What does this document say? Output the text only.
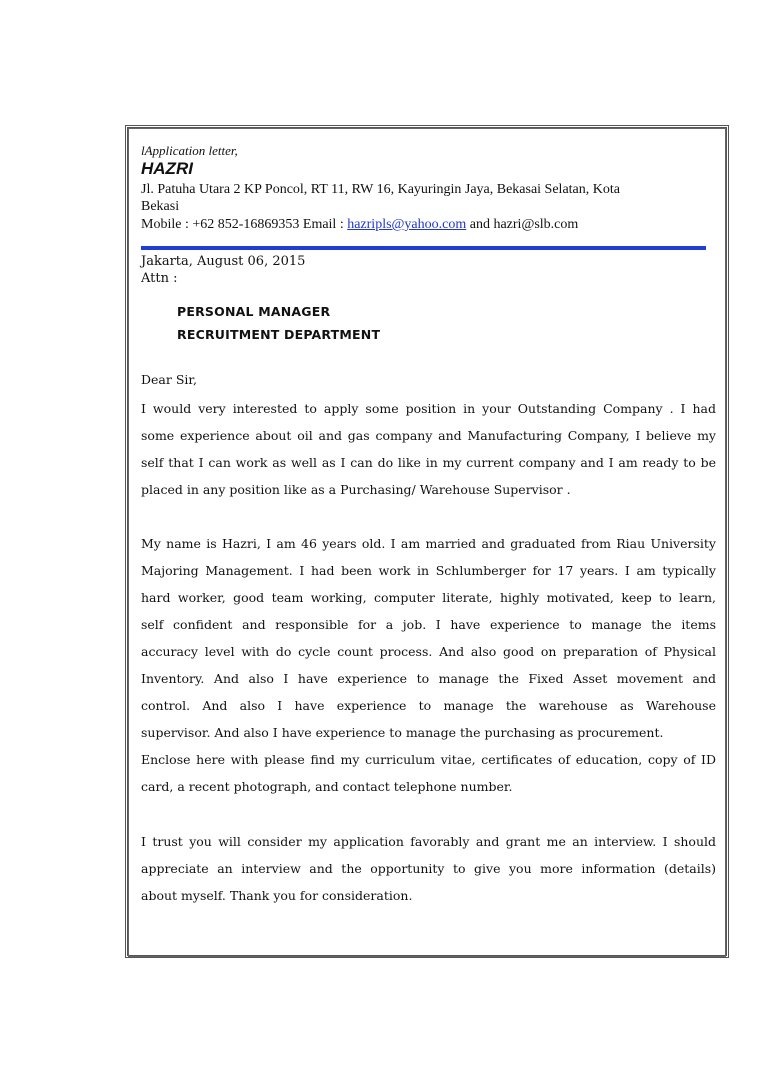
lApplication letter,
HAZRI
Jl. Patuha Utara 2 KP Poncol, RT 11, RW 16, Kayuringin Jaya, Bekasai Selatan, Kota
Bekasi
Mobile : +62 852-16869353 Email : hazripls@yahoo.com and hazri@slb.com
Jakarta, August 06, 2015
Attn :
PERSONAL MANAGER
RECRUITMENT DEPARTMENT
Dear Sir,
I would very interested to apply some position in your Outstanding Company . I had
some experience about oil and gas company and Manufacturing Company, I believe my
self that I can work as well as I can do like in my current company and I am ready to be
placed in any position like as a Purchasing/ Warehouse Supervisor .
My name is Hazri, I am 46 years old. I am married and graduated from Riau University
Majoring Management. I had been work in Schlumberger for 17 years. I am typically
hard worker, good team working, computer literate, highly motivated, keep to learn,
self confident and responsible for a job. I have experience to manage the items
accuracy level with do cycle count process. And also good on preparation of Physical
Inventory. And also I have experience to manage the Fixed Asset movement and
control. And also I have experience to manage the warehouse as Warehouse
supervisor. And also I have experience to manage the purchasing as procurement.
Enclose here with please find my curriculum vitae, certificates of education, copy of ID
card, a recent photograph, and contact telephone number.
I trust you will consider my application favorably and grant me an interview. I should
appreciate an interview and the opportunity to give you more information (details)
about myself. Thank you for consideration.
